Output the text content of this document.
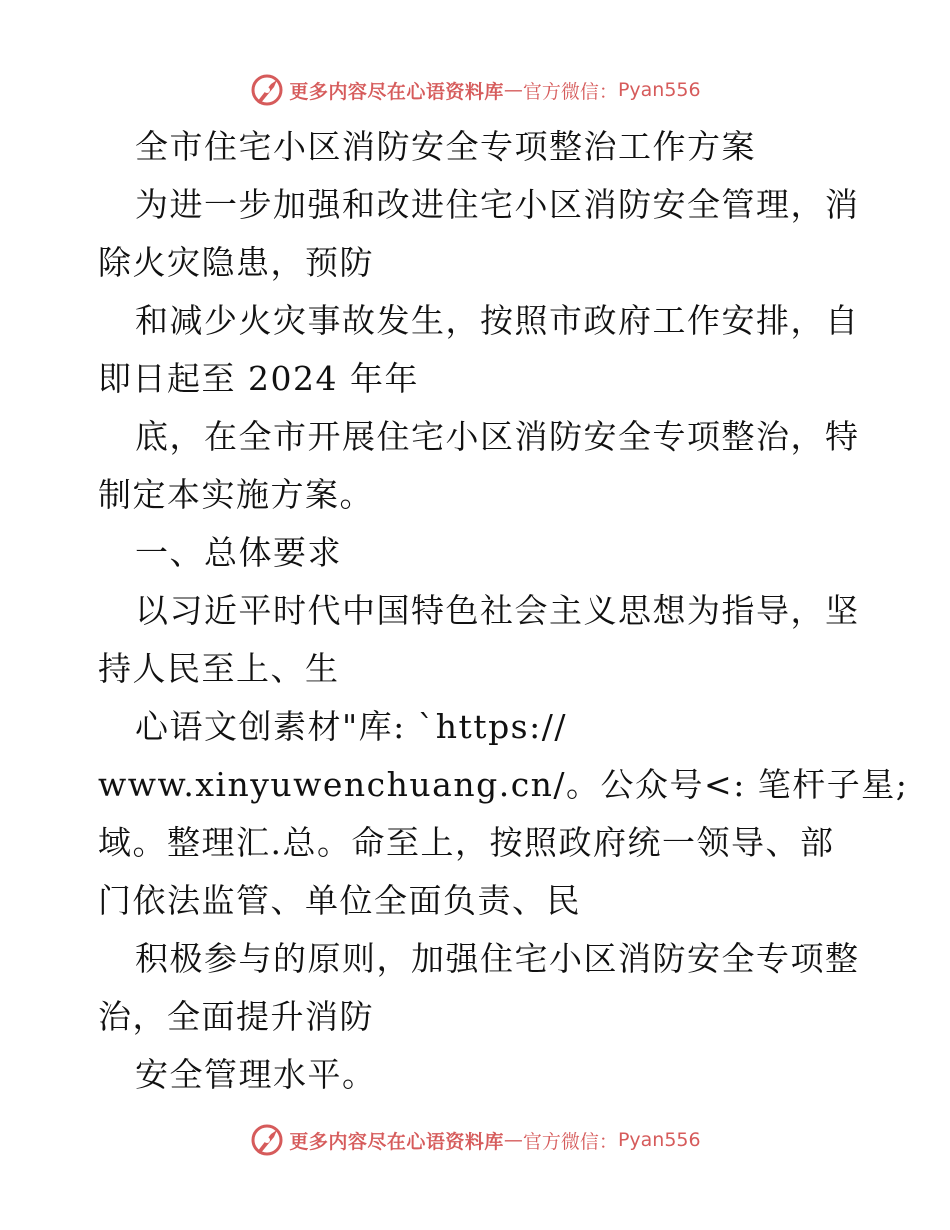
更多内容尽在心语资料库 — 官方微信： Pyan556
全市住宅小区消防安全专项整治工作方案
为进一步加强和改进住宅小区消防安全管理，消
除火灾隐患，预防
和减少火灾事故发生，按照市政府工作安排，自
即日起至 2024 年年
底，在全市开展住宅小区消防安全专项整治，特
制定本实施方案。
一、总体要求
以习近平时代中国特色社会主义思想为指导，坚
持人民至上、生
心语文创素材"库: `https://
www.xinyuwenchuang.cn/。公众号<: 笔杆子星;
域。整理汇.总。命至上，按照政府统一领导、部
门依法监管、单位全面负责、民
积极参与的原则，加强住宅小区消防安全专项整
治，全面提升消防
安全管理水平。
更多内容尽在心语资料库 — 官方微信： Pyan556
